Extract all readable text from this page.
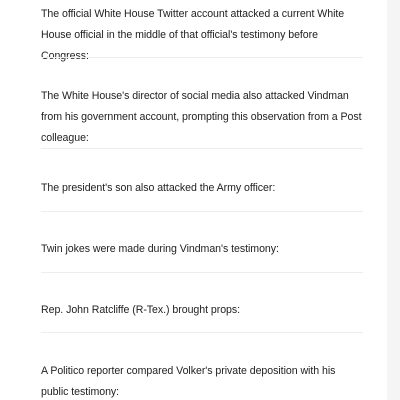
The official White House Twitter account attacked a current White House official in the middle of that official's testimony before Congress:

The White House's director of social media also attacked Vindman from his government account, prompting this observation from a Post colleague:

The president's son also attacked the Army officer:

Twin jokes were made during Vindman's testimony:

Rep. John Ratcliffe (R-Tex.) brought props:

A Politico reporter compared Volker's private deposition with his public testimony:
